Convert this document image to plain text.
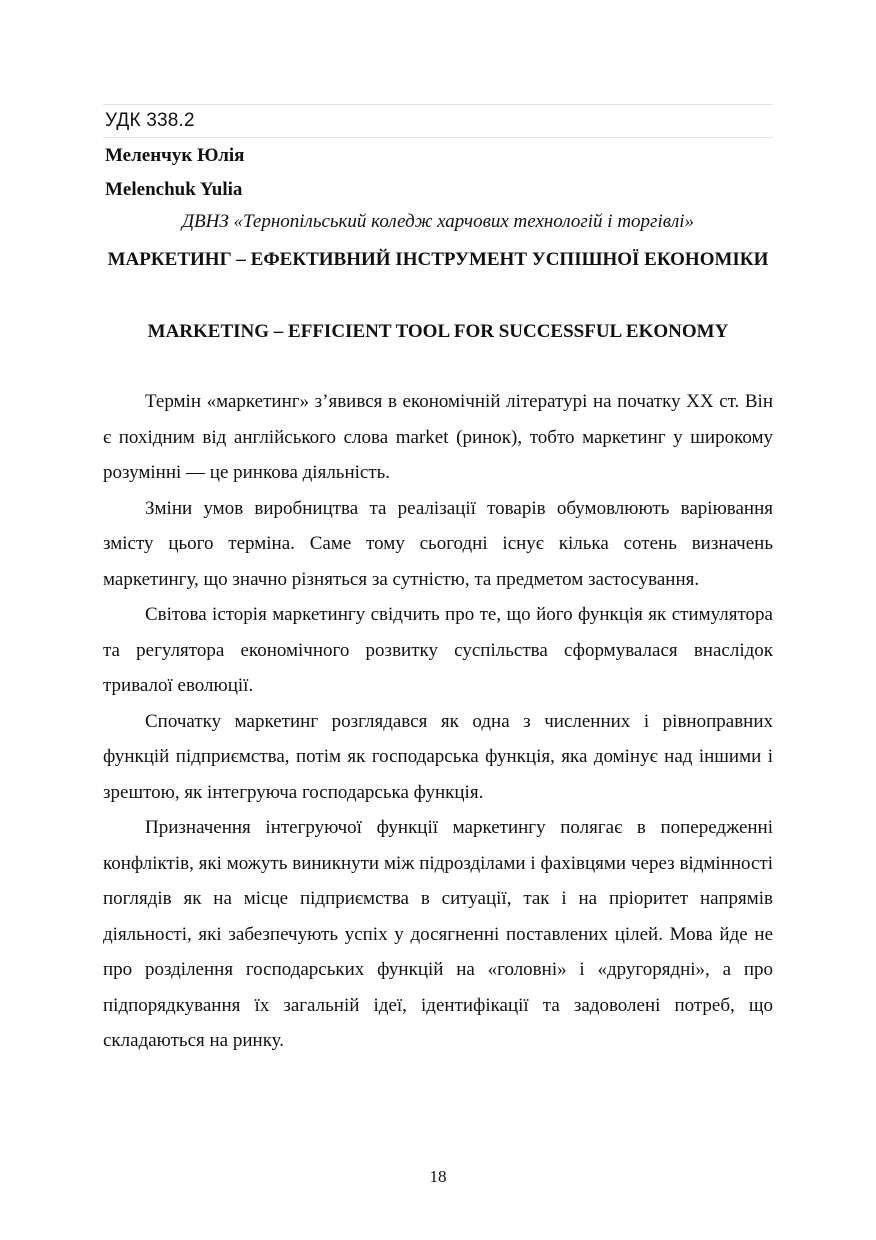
УДК 338.2
Меленчук Юлія
Melenchuk Yulia
ДВНЗ «Тернопільський коледж харчових технологій і торгівлі»
МАРКЕТИНГ – ЕФЕКТИВНИЙ ІНСТРУМЕНТ УСПІШНОЇ ЕКОНОМІКИ
MARKETING – EFFICIENT TOOL FOR SUCCESSFUL EKONOMY

Термін «маркетинг» з’явився в економічній літературі на початку ХХ ст. Він є похідним від англійського слова market (ринок), тобто маркетинг у широкому розумінні — це ринкова діяльність.

Зміни умов виробництва та реалізації товарів обумовлюють варіювання змісту цього терміна. Саме тому сьогодні існує кілька сотень визначень маркетингу, що значно різняться за сутністю, та предметом застосування.

Світова історія маркетингу свідчить про те, що його функція як стимулятора та регулятора економічного розвитку суспільства сформувалася внаслідок тривалої еволюції.

Спочатку маркетинг розглядався як одна з численних і рівноправних функцій підприємства, потім як господарська функція, яка домінує над іншими і зрештою, як інтегруюча господарська функція.

Призначення інтегруючої функції маркетингу полягає в попередженні конфліктів, які можуть виникнути між підрозділами і фахівцями через відмінності поглядів як на місце підприємства в ситуації, так і на пріоритет напрямів діяльності, які забезпечують успіх у досягненні поставлених цілей. Мова йде не про розділення господарських функцій на «головні» і «другорядні», а про підпорядкування їх загальній ідеї, ідентифікації та задоволені потреб, що складаються на ринку.

18
